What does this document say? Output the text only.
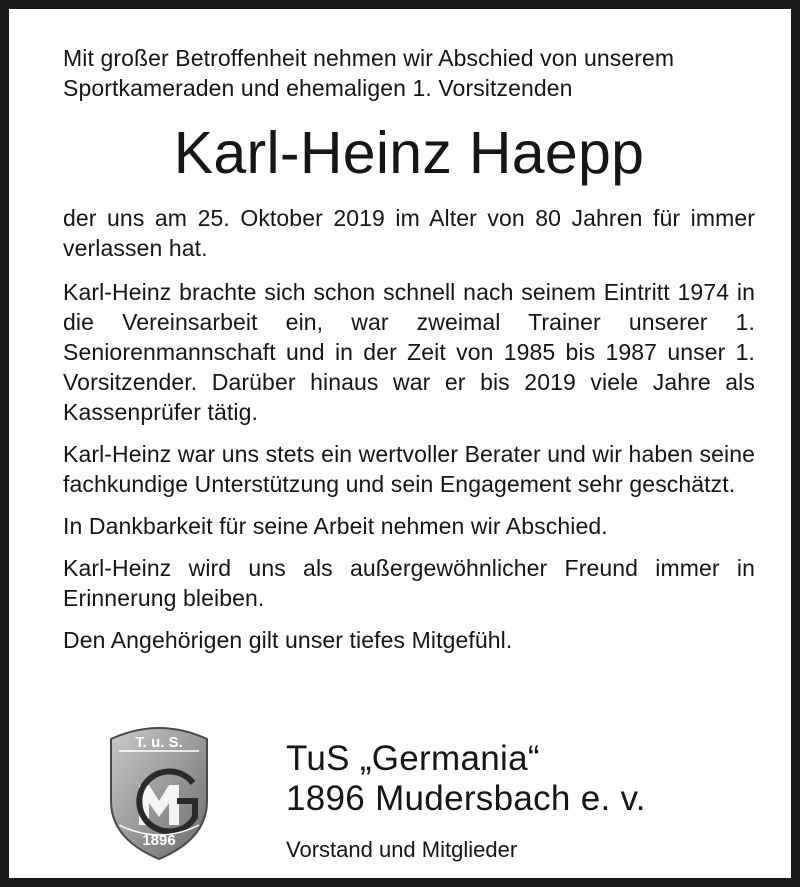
Mit großer Betroffenheit nehmen wir Abschied von unserem
Sportkameraden und ehemaligen 1. Vorsitzenden

Karl-Heinz Haepp

der uns am 25. Oktober 2019 im Alter von 80 Jahren für immer verlassen hat.

Karl-Heinz brachte sich schon schnell nach seinem Eintritt 1974 in die Vereinsarbeit ein, war zweimal Trainer unserer 1. Seniorenmannschaft und in der Zeit von 1985 bis 1987 unser 1. Vorsitzender. Darüber hinaus war er bis 2019 viele Jahre als Kassenprüfer tätig.

Karl-Heinz war uns stets ein wertvoller Berater und wir haben seine fachkundige Unterstützung und sein Engagement sehr geschätzt.

In Dankbarkeit für seine Arbeit nehmen wir Abschied.

Karl-Heinz wird uns als außergewöhnlicher Freund immer in Erinnerung bleiben.

Den Angehörigen gilt unser tiefes Mitgefühl.

T. u. S.
1896

TuS „Germania“
1896 Mudersbach e. v.

Vorstand und Mitglieder
